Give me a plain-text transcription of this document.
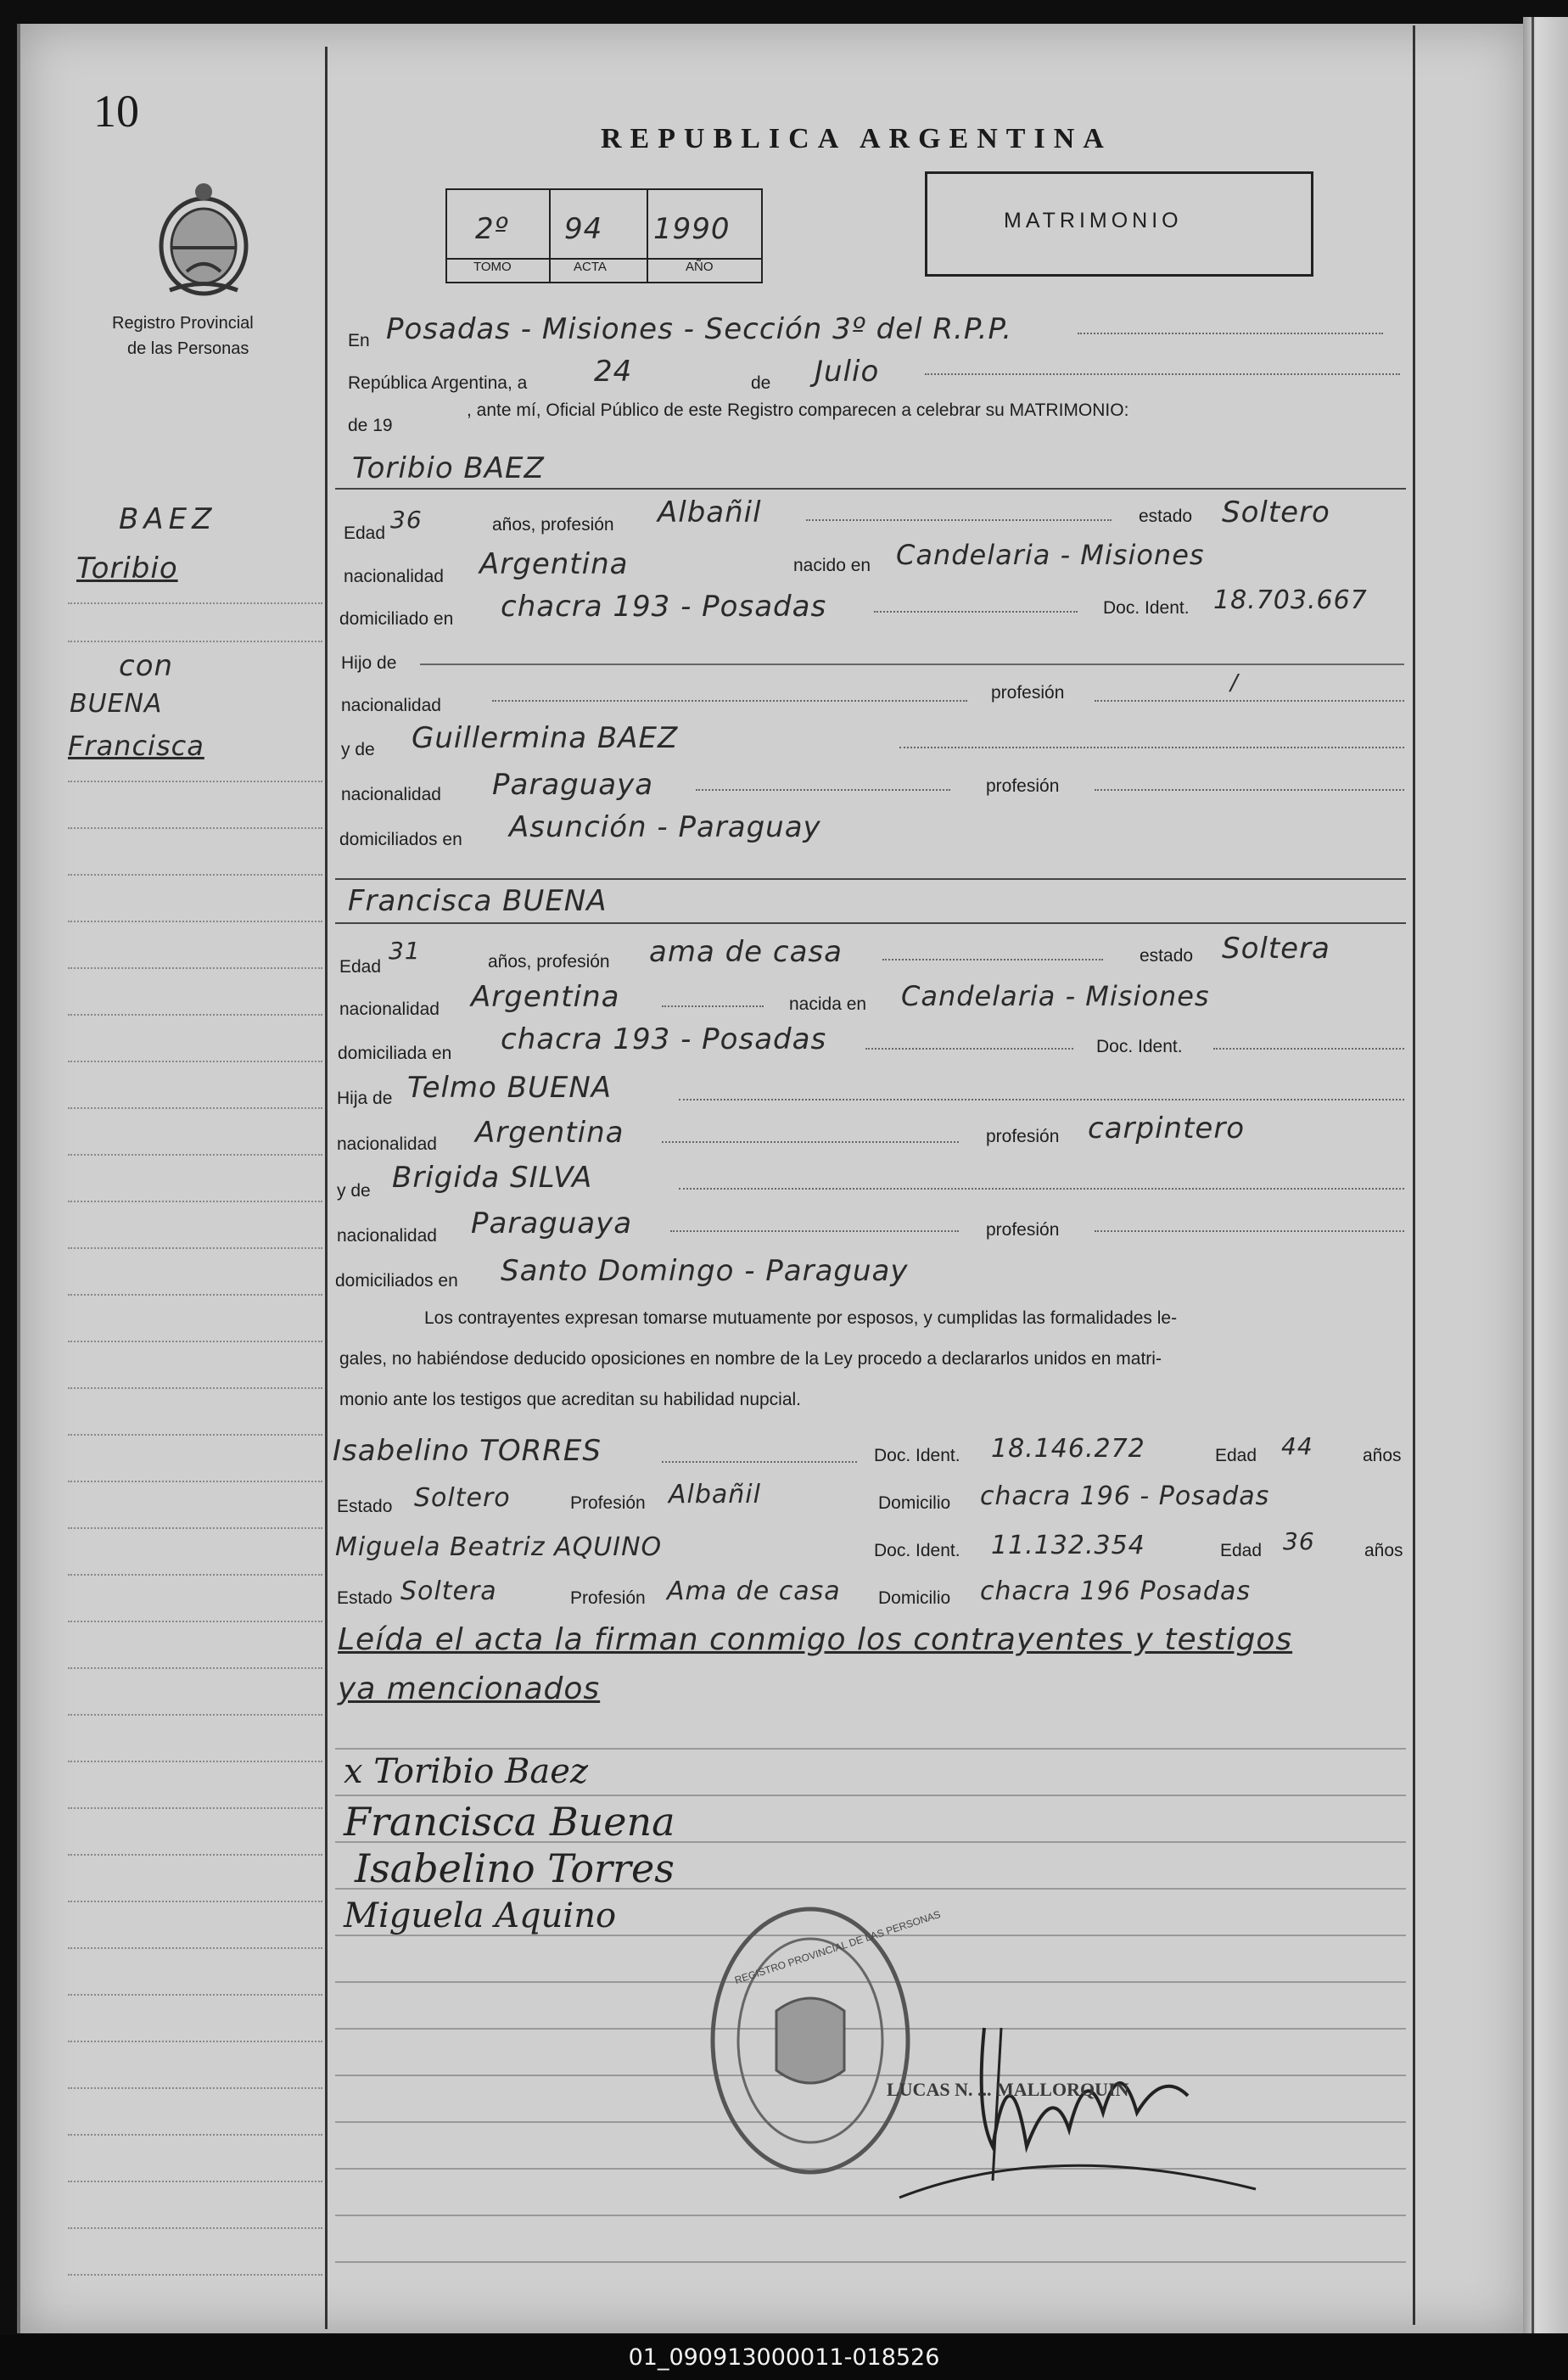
10
Registro Provincial
de las Personas
REPUBLICA ARGENTINA
2º 94 1990
TOMO	ACTA	AÑO
MATRIMONIO
BAEZ
Toribio
con
BUENA
Francisca
En Posadas - Misiones - Sección 3º del R.P.P.
República Argentina, a 24	de Julio
de 19
, ante mí, Oficial Público de este Registro comparecen a celebrar su MATRIMONIO:
Toribio BAEZ
Edad 36	años, profesión Albañil	estado Soltero
nacionalidad Argentina	nacido en Candelaria - Misiones
domiciliado en chacra 193 - Posadas	Doc. Ident. 18.703.667
Hijo de
nacionalidad
profesión	/
y de Guillermina BAEZ
nacionalidad Paraguaya	profesión
domiciliados en Asunción - Paraguay
Francisca BUENA
Edad
31	años, profesión ama de casa	estado Soltera
nacionalidad Argentina	nacida en Candelaria - Misiones
domiciliada en chacra 193 - Posadas	Doc. Ident.
Hija de Telmo BUENA
nacionalidad Argentina	profesión carpintero
y de Brigida SILVA
nacionalidad Paraguaya	profesión
domiciliados en Santo Domingo - Paraguay
Los contrayentes expresan tomarse mutuamente por esposos, y cumplidas las formalidades le-
gales, no habiéndose deducido oposiciones en nombre de la Ley procedo a declararlos unidos en matri-
monio ante los testigos que acreditan su habilidad nupcial.
Isabelino TORRES	Doc. Ident. 18.146.272	Edad 44	años
Estado Soltero	Profesión Albañil	Domicilio chacra 196 - Posadas
Miguela Beatriz AQUINO	Doc. Ident. 11.132.354	Edad 36	años
Estado Soltera	Profesión Ama de casa Domicilio chacra 196 Posadas
Leída el acta la firman conmigo los contrayentes y testigos
ya mencionados
x Toribio Baez
Francisca Buena
Isabelino Torres
Miguela Aquino	REGISTRO PROVINCIAL DE LAS PERSONAS
LUCAS N. ... MALLORQUIN
01_090913000011-018526
